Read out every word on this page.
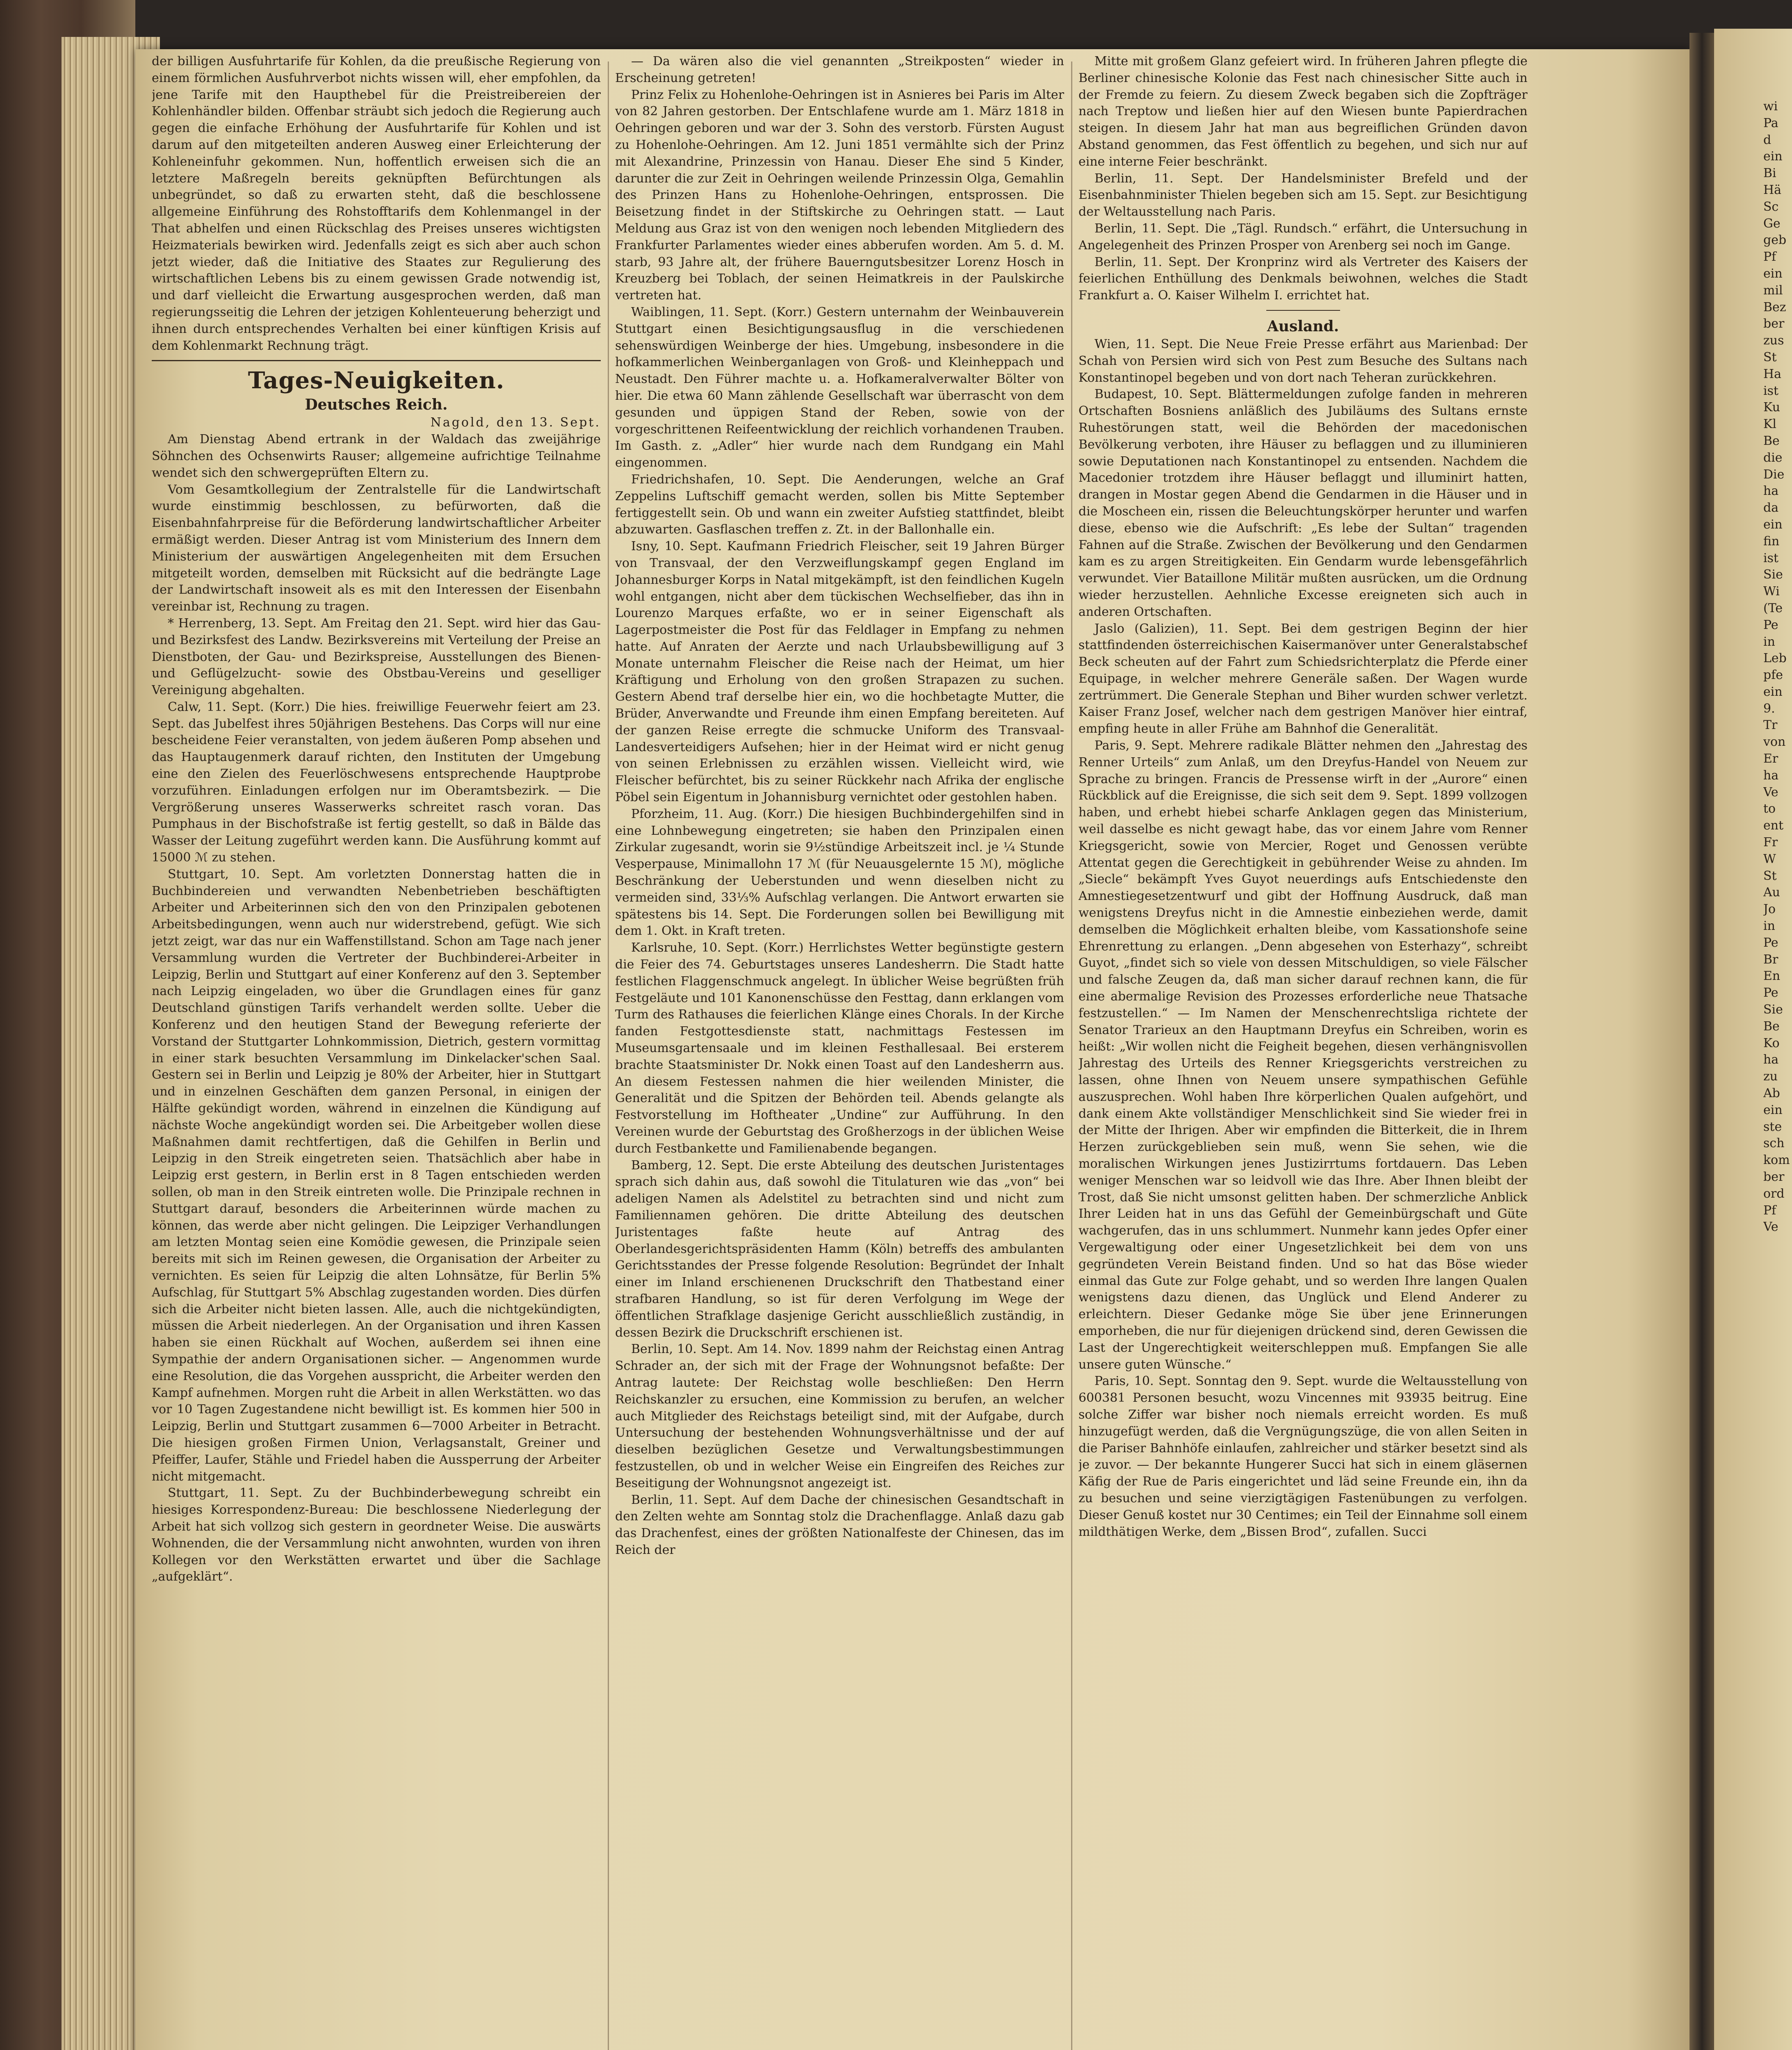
wi
Pa
d
ein
Bi
Hä
Sc
Ge
geb
Pf
ein
mil
Bez
ber
zus
St
Ha
ist
Ku
Kl
Be
die
Die
ha
da
ein
fin
ist
Sie
Wi
(Te
Pe
in
Leb
pfe
ein
9.
Tr
von
Er
ha
Ve
to
ent
Fr
W
St
Au
Jo
in
Pe
Br
En
Pe
Sie
Be
Ko
ha
zu
Ab
ein
ste
sch
kom
ber
ord
Pf
Ve

der billigen Ausfuhrtarife für Kohlen, da die preußische Regierung von einem förmlichen Ausfuhrverbot nichts wissen will, eher empfohlen, da jene Tarife mit den Haupthebel für die Preistreibereien der Kohlenhändler bilden. Offenbar sträubt sich jedoch die Regierung auch gegen die einfache Erhöhung der Ausfuhrtarife für Kohlen und ist darum auf den mitgeteilten anderen Ausweg einer Erleichterung der Kohleneinfuhr gekommen. Nun, hoffentlich erweisen sich die an letztere Maßregeln bereits geknüpften Befürchtungen als unbegründet, so daß zu erwarten steht, daß die beschlossene allgemeine Einführung des Rohstofftarifs dem Kohlenmangel in der That abhelfen und einen Rückschlag des Preises unseres wichtigsten Heizmaterials bewirken wird. Jedenfalls zeigt es sich aber auch schon jetzt wieder, daß die Initiative des Staates zur Regulierung des wirtschaftlichen Lebens bis zu einem gewissen Grade notwendig ist, und darf vielleicht die Erwartung ausgesprochen werden, daß man regierungsseitig die Lehren der jetzigen Kohlenteuerung beherzigt und ihnen durch entsprechendes Verhalten bei einer künftigen Krisis auf dem Kohlenmarkt Rechnung trägt.

Tages-Neuigkeiten.
Deutsches Reich.
Nagold, den 13. Sept.

Am Dienstag Abend ertrank in der Waldach das zweijährige Söhnchen des Ochsenwirts Rauser; allgemeine aufrichtige Teilnahme wendet sich den schwergeprüften Eltern zu.

Vom Gesamtkollegium der Zentralstelle für die Landwirtschaft wurde einstimmig beschlossen, zu befürworten, daß die Eisenbahnfahrpreise für die Beförderung landwirtschaftlicher Arbeiter ermäßigt werden. Dieser Antrag ist vom Ministerium des Innern dem Ministerium der auswärtigen Angelegenheiten mit dem Ersuchen mitgeteilt worden, demselben mit Rücksicht auf die bedrängte Lage der Landwirtschaft insoweit als es mit den Interessen der Eisenbahn vereinbar ist, Rechnung zu tragen.

* Herrenberg, 13. Sept. Am Freitag den 21. Sept. wird hier das Gau- und Bezirksfest des Landw. Bezirksvereins mit Verteilung der Preise an Dienstboten, der Gau- und Bezirkspreise, Ausstellungen des Bienen- und Geflügelzucht- sowie des Obstbau-Vereins und geselliger Vereinigung abgehalten.

Calw, 11. Sept. (Korr.) Die hies. freiwillige Feuerwehr feiert am 23. Sept. das Jubelfest ihres 50jährigen Bestehens. Das Corps will nur eine bescheidene Feier veranstalten, von jedem äußeren Pomp absehen und das Hauptaugenmerk darauf richten, den Instituten der Umgebung eine den Zielen des Feuerlöschwesens entsprechende Hauptprobe vorzuführen. Einladungen erfolgen nur im Oberamtsbezirk. — Die Vergrößerung unseres Wasserwerks schreitet rasch voran. Das Pumphaus in der Bischofstraße ist fertig gestellt, so daß in Bälde das Wasser der Leitung zugeführt werden kann. Die Ausführung kommt auf 15000 ℳ zu stehen.

Stuttgart, 10. Sept. Am vorletzten Donnerstag hatten die in Buchbindereien und verwandten Nebenbetrieben beschäftigten Arbeiter und Arbeiterinnen sich den von den Prinzipalen gebotenen Arbeitsbedingungen, wenn auch nur widerstrebend, gefügt. Wie sich jetzt zeigt, war das nur ein Waffenstillstand. Schon am Tage nach jener Versammlung wurden die Vertreter der Buchbinderei-Arbeiter in Leipzig, Berlin und Stuttgart auf einer Konferenz auf den 3. September nach Leipzig eingeladen, wo über die Grundlagen eines für ganz Deutschland günstigen Tarifs verhandelt werden sollte. Ueber die Konferenz und den heutigen Stand der Bewegung referierte der Vorstand der Stuttgarter Lohnkommission, Dietrich, gestern vormittag in einer stark besuchten Versammlung im Dinkelacker'schen Saal. Gestern sei in Berlin und Leipzig je 80% der Arbeiter, hier in Stuttgart und in einzelnen Geschäften dem ganzen Personal, in einigen der Hälfte gekündigt worden, während in einzelnen die Kündigung auf nächste Woche angekündigt worden sei. Die Arbeitgeber wollen diese Maßnahmen damit rechtfertigen, daß die Gehilfen in Berlin und Leipzig in den Streik eingetreten seien. Thatsächlich aber habe in Leipzig erst gestern, in Berlin erst in 8 Tagen entschieden werden sollen, ob man in den Streik eintreten wolle. Die Prinzipale rechnen in Stuttgart darauf, besonders die Arbeiterinnen würde machen zu können, das werde aber nicht gelingen. Die Leipziger Verhandlungen am letzten Montag seien eine Komödie gewesen, die Prinzipale seien bereits mit sich im Reinen gewesen, die Organisation der Arbeiter zu vernichten. Es seien für Leipzig die alten Lohnsätze, für Berlin 5% Aufschlag, für Stuttgart 5% Abschlag zugestanden worden. Dies dürfen sich die Arbeiter nicht bieten lassen. Alle, auch die nichtgekündigten, müssen die Arbeit niederlegen. An der Organisation und ihren Kassen haben sie einen Rückhalt auf Wochen, außerdem sei ihnen eine Sympathie der andern Organisationen sicher. — Angenommen wurde eine Resolution, die das Vorgehen ausspricht, die Arbeiter werden den Kampf aufnehmen. Morgen ruht die Arbeit in allen Werkstätten. wo das vor 10 Tagen Zugestandene nicht bewilligt ist. Es kommen hier 500 in Leipzig, Berlin und Stuttgart zusammen 6—7000 Arbeiter in Betracht. Die hiesigen großen Firmen Union, Verlagsanstalt, Greiner und Pfeiffer, Laufer, Stähle und Friedel haben die Aussperrung der Arbeiter nicht mitgemacht.

Stuttgart, 11. Sept. Zu der Buchbinderbewegung schreibt ein hiesiges Korrespondenz-Bureau: Die beschlossene Niederlegung der Arbeit hat sich vollzog sich gestern in geordneter Weise. Die auswärts Wohnenden, die der Versammlung nicht anwohnten, wurden von ihren Kollegen vor den Werkstätten erwartet und über die Sachlage „aufgeklärt“.

— Da wären also die viel genannten „Streikposten“ wieder in Erscheinung getreten!

Prinz Felix zu Hohenlohe-Oehringen ist in Asnieres bei Paris im Alter von 82 Jahren gestorben. Der Entschlafene wurde am 1. März 1818 in Oehringen geboren und war der 3. Sohn des verstorb. Fürsten August zu Hohenlohe-Oehringen. Am 12. Juni 1851 vermählte sich der Prinz mit Alexandrine, Prinzessin von Hanau. Dieser Ehe sind 5 Kinder, darunter die zur Zeit in Oehringen weilende Prinzessin Olga, Gemahlin des Prinzen Hans zu Hohenlohe-Oehringen, entsprossen. Die Beisetzung findet in der Stiftskirche zu Oehringen statt. — Laut Meldung aus Graz ist von den wenigen noch lebenden Mitgliedern des Frankfurter Parlamentes wieder eines abberufen worden. Am 5. d. M. starb, 93 Jahre alt, der frühere Bauerngutsbesitzer Lorenz Hosch in Kreuzberg bei Toblach, der seinen Heimatkreis in der Paulskirche vertreten hat.

Waiblingen, 11. Sept. (Korr.) Gestern unternahm der Weinbauverein Stuttgart einen Besichtigungsausflug in die verschiedenen sehenswürdigen Weinberge der hies. Umgebung, insbesondere in die hofkammerlichen Weinberganlagen von Groß- und Kleinheppach und Neustadt. Den Führer machte u. a. Hofkameralverwalter Bölter von hier. Die etwa 60 Mann zählende Gesellschaft war überrascht von dem gesunden und üppigen Stand der Reben, sowie von der vorgeschrittenen Reifeentwicklung der reichlich vorhandenen Trauben. Im Gasth. z. „Adler“ hier wurde nach dem Rundgang ein Mahl eingenommen.

Friedrichshafen, 10. Sept. Die Aenderungen, welche an Graf Zeppelins Luftschiff gemacht werden, sollen bis Mitte September fertiggestellt sein. Ob und wann ein zweiter Aufstieg stattfindet, bleibt abzuwarten. Gasflaschen treffen z. Zt. in der Ballonhalle ein.

Isny, 10. Sept. Kaufmann Friedrich Fleischer, seit 19 Jahren Bürger von Transvaal, der den Verzweiflungskampf gegen England im Johannesburger Korps in Natal mitgekämpft, ist den feindlichen Kugeln wohl entgangen, nicht aber dem tückischen Wechselfieber, das ihn in Lourenzo Marques erfaßte, wo er in seiner Eigenschaft als Lagerpostmeister die Post für das Feldlager in Empfang zu nehmen hatte. Auf Anraten der Aerzte und nach Urlaubsbewilligung auf 3 Monate unternahm Fleischer die Reise nach der Heimat, um hier Kräftigung und Erholung von den großen Strapazen zu suchen. Gestern Abend traf derselbe hier ein, wo die hochbetagte Mutter, die Brüder, Anverwandte und Freunde ihm einen Empfang bereiteten. Auf der ganzen Reise erregte die schmucke Uniform des Transvaal-Landesverteidigers Aufsehen; hier in der Heimat wird er nicht genug von seinen Erlebnissen zu erzählen wissen. Vielleicht wird, wie Fleischer befürchtet, bis zu seiner Rückkehr nach Afrika der englische Pöbel sein Eigentum in Johannisburg vernichtet oder gestohlen haben.

Pforzheim, 11. Aug. (Korr.) Die hiesigen Buchbindergehilfen sind in eine Lohnbewegung eingetreten; sie haben den Prinzipalen einen Zirkular zugesandt, worin sie 9½stündige Arbeitszeit incl. je ¼ Stunde Vesperpause, Minimallohn 17 ℳ (für Neuausgelernte 15 ℳ), mögliche Beschränkung der Ueberstunden und wenn dieselben nicht zu vermeiden sind, 33⅓% Aufschlag verlangen. Die Antwort erwarten sie spätestens bis 14. Sept. Die Forderungen sollen bei Bewilligung mit dem 1. Okt. in Kraft treten.

Karlsruhe, 10. Sept. (Korr.) Herrlichstes Wetter begünstigte gestern die Feier des 74. Geburtstages unseres Landesherrn. Die Stadt hatte festlichen Flaggenschmuck angelegt. In üblicher Weise begrüßten früh Festgeläute und 101 Kanonenschüsse den Festtag, dann erklangen vom Turm des Rathauses die feierlichen Klänge eines Chorals. In der Kirche fanden Festgottesdienste statt, nachmittags Festessen im Museumsgartensaale und im kleinen Festhallesaal. Bei ersterem brachte Staatsminister Dr. Nokk einen Toast auf den Landesherrn aus. An diesem Festessen nahmen die hier weilenden Minister, die Generalität und die Spitzen der Behörden teil. Abends gelangte als Festvorstellung im Hoftheater „Undine“ zur Aufführung. In den Vereinen wurde der Geburtstag des Großherzogs in der üblichen Weise durch Festbankette und Familienabende begangen.

Bamberg, 12. Sept. Die erste Abteilung des deutschen Juristentages sprach sich dahin aus, daß sowohl die Titulaturen wie das „von“ bei adeligen Namen als Adelstitel zu betrachten sind und nicht zum Familiennamen gehören. Die dritte Abteilung des deutschen Juristentages faßte heute auf Antrag des Oberlandesgerichtspräsidenten Hamm (Köln) betreffs des ambulanten Gerichtsstandes der Presse folgende Resolution: Begründet der Inhalt einer im Inland erschienenen Druckschrift den Thatbestand einer strafbaren Handlung, so ist für deren Verfolgung im Wege der öffentlichen Strafklage dasjenige Gericht ausschließlich zuständig, in dessen Bezirk die Druckschrift erschienen ist.

Berlin, 10. Sept. Am 14. Nov. 1899 nahm der Reichstag einen Antrag Schrader an, der sich mit der Frage der Wohnungsnot befaßte: Der Antrag lautete: Der Reichstag wolle beschließen: Den Herrn Reichskanzler zu ersuchen, eine Kommission zu berufen, an welcher auch Mitglieder des Reichstags beteiligt sind, mit der Aufgabe, durch Untersuchung der bestehenden Wohnungsverhältnisse und der auf dieselben bezüglichen Gesetze und Verwaltungsbestimmungen festzustellen, ob und in welcher Weise ein Eingreifen des Reiches zur Beseitigung der Wohnungsnot angezeigt ist.

Berlin, 11. Sept. Auf dem Dache der chinesischen Gesandtschaft in den Zelten wehte am Sonntag stolz die Drachenflagge. Anlaß dazu gab das Drachenfest, eines der größten Nationalfeste der Chinesen, das im Reich der

Mitte mit großem Glanz gefeiert wird. In früheren Jahren pflegte die Berliner chinesische Kolonie das Fest nach chinesischer Sitte auch in der Fremde zu feiern. Zu diesem Zweck begaben sich die Zopfträger nach Treptow und ließen hier auf den Wiesen bunte Papierdrachen steigen. In diesem Jahr hat man aus begreiflichen Gründen davon Abstand genommen, das Fest öffentlich zu begehen, und sich nur auf eine interne Feier beschränkt.

Berlin, 11. Sept. Der Handelsminister Brefeld und der Eisenbahnminister Thielen begeben sich am 15. Sept. zur Besichtigung der Weltausstellung nach Paris.

Berlin, 11. Sept. Die „Tägl. Rundsch.“ erfährt, die Untersuchung in Angelegenheit des Prinzen Prosper von Arenberg sei noch im Gange.

Berlin, 11. Sept. Der Kronprinz wird als Vertreter des Kaisers der feierlichen Enthüllung des Denkmals beiwohnen, welches die Stadt Frankfurt a. O. Kaiser Wilhelm I. errichtet hat.

Ausland.

Wien, 11. Sept. Die Neue Freie Presse erfährt aus Marienbad: Der Schah von Persien wird sich von Pest zum Besuche des Sultans nach Konstantinopel begeben und von dort nach Teheran zurückkehren.

Budapest, 10. Sept. Blättermeldungen zufolge fanden in mehreren Ortschaften Bosniens anläßlich des Jubiläums des Sultans ernste Ruhestörungen statt, weil die Behörden der macedonischen Bevölkerung verboten, ihre Häuser zu beflaggen und zu illuminieren sowie Deputationen nach Konstantinopel zu entsenden. Nachdem die Macedonier trotzdem ihre Häuser beflaggt und illuminirt hatten, drangen in Mostar gegen Abend die Gendarmen in die Häuser und in die Moscheen ein, rissen die Beleuchtungskörper herunter und warfen diese, ebenso wie die Aufschrift: „Es lebe der Sultan“ tragenden Fahnen auf die Straße. Zwischen der Bevölkerung und den Gendarmen kam es zu argen Streitigkeiten. Ein Gendarm wurde lebensgefährlich verwundet. Vier Bataillone Militär mußten ausrücken, um die Ordnung wieder herzustellen. Aehnliche Excesse ereigneten sich auch in anderen Ortschaften.

Jaslo (Galizien), 11. Sept. Bei dem gestrigen Beginn der hier stattfindenden österreichischen Kaisermanöver unter Generalstabschef Beck scheuten auf der Fahrt zum Schiedsrichterplatz die Pferde einer Equipage, in welcher mehrere Generäle saßen. Der Wagen wurde zertrümmert. Die Generale Stephan und Biher wurden schwer verletzt. Kaiser Franz Josef, welcher nach dem gestrigen Manöver hier eintraf, empfing heute in aller Frühe am Bahnhof die Generalität.

Paris, 9. Sept. Mehrere radikale Blätter nehmen den „Jahrestag des Renner Urteils“ zum Anlaß, um den Dreyfus-Handel von Neuem zur Sprache zu bringen. Francis de Pressense wirft in der „Aurore“ einen Rückblick auf die Ereignisse, die sich seit dem 9. Sept. 1899 vollzogen haben, und erhebt hiebei scharfe Anklagen gegen das Ministerium, weil dasselbe es nicht gewagt habe, das vor einem Jahre vom Renner Kriegsgericht, sowie von Mercier, Roget und Genossen verübte Attentat gegen die Gerechtigkeit in gebührender Weise zu ahnden. Im „Siecle“ bekämpft Yves Guyot neuerdings aufs Entschiedenste den Amnestiegesetzentwurf und gibt der Hoffnung Ausdruck, daß man wenigstens Dreyfus nicht in die Amnestie einbeziehen werde, damit demselben die Möglichkeit erhalten bleibe, vom Kassationshofe seine Ehrenrettung zu erlangen. „Denn abgesehen von Esterhazy“, schreibt Guyot, „findet sich so viele von dessen Mitschuldigen, so viele Fälscher und falsche Zeugen da, daß man sicher darauf rechnen kann, die für eine abermalige Revision des Prozesses erforderliche neue Thatsache festzustellen.“ — Im Namen der Menschenrechtsliga richtete der Senator Trarieux an den Hauptmann Dreyfus ein Schreiben, worin es heißt: „Wir wollen nicht die Feigheit begehen, diesen verhängnisvollen Jahrestag des Urteils des Renner Kriegsgerichts verstreichen zu lassen, ohne Ihnen von Neuem unsere sympathischen Gefühle auszusprechen. Wohl haben Ihre körperlichen Qualen aufgehört, und dank einem Akte vollständiger Menschlichkeit sind Sie wieder frei in der Mitte der Ihrigen. Aber wir empfinden die Bitterkeit, die in Ihrem Herzen zurückgeblieben sein muß, wenn Sie sehen, wie die moralischen Wirkungen jenes Justizirrtums fortdauern. Das Leben weniger Menschen war so leidvoll wie das Ihre. Aber Ihnen bleibt der Trost, daß Sie nicht umsonst gelitten haben. Der schmerzliche Anblick Ihrer Leiden hat in uns das Gefühl der Gemeinbürgschaft und Güte wachgerufen, das in uns schlummert. Nunmehr kann jedes Opfer einer Vergewaltigung oder einer Ungesetzlichkeit bei dem von uns gegründeten Verein Beistand finden. Und so hat das Böse wieder einmal das Gute zur Folge gehabt, und so werden Ihre langen Qualen wenigstens dazu dienen, das Unglück und Elend Anderer zu erleichtern. Dieser Gedanke möge Sie über jene Erinnerungen emporheben, die nur für diejenigen drückend sind, deren Gewissen die Last der Ungerechtigkeit weiterschleppen muß. Empfangen Sie alle unsere guten Wünsche.“

Paris, 10. Sept. Sonntag den 9. Sept. wurde die Weltausstellung von 600381 Personen besucht, wozu Vincennes mit 93935 beitrug. Eine solche Ziffer war bisher noch niemals erreicht worden. Es muß hinzugefügt werden, daß die Vergnügungszüge, die von allen Seiten in die Pariser Bahnhöfe einlaufen, zahlreicher und stärker besetzt sind als je zuvor. — Der bekannte Hungerer Succi hat sich in einem gläsernen Käfig der Rue de Paris eingerichtet und läd seine Freunde ein, ihn da zu besuchen und seine vierzigtägigen Fastenübungen zu verfolgen. Dieser Genuß kostet nur 30 Centimes; ein Teil der Einnahme soll einem mildthätigen Werke, dem „Bissen Brod“, zufallen. Succi
